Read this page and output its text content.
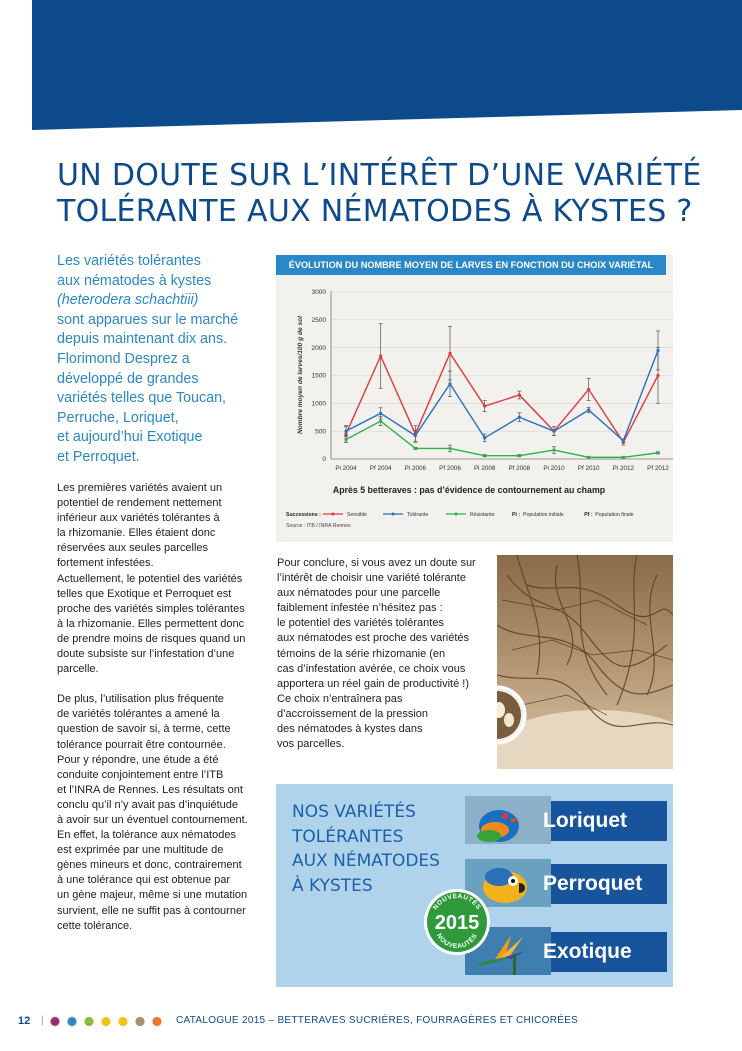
UN DOUTE SUR L’INTÉRÊT D’UNE VARIÉTÉ
TOLÉRANTE AUX NÉMATODES À KYSTES ?
Les variétés tolérantes
aux nématodes à kystes
(heterodera schachtiii)
sont apparues sur le marché
depuis maintenant dix ans.
Florimond Desprez a
développé de grandes
variétés telles que Toucan,
Perruche, Loriquet,
et aujourd’hui Exotique
et Perroquet.
Les premières variétés avaient un
potentiel de rendement nettement
inférieur aux variétés tolérantes à
la rhizomanie. Elles étaient donc
réservées aux seules parcelles
fortement infestées.
Actuellement, le potentiel des variétés
telles que Exotique et Perroquet est
proche des variétés simples tolérantes
à la rhizomanie. Elles permettent donc
de prendre moins de risques quand un
doute subsiste sur l’infestation d’une
parcelle.
De plus, l’utilisation plus fréquente
de variétés tolérantes a amené la
question de savoir si, à terme, cette
tolérance pourrait être contournée.
Pour y répondre, une étude a été
conduite conjointement entre l’ITB
et l’INRA de Rennes. Les résultats ont
conclu qu’il n’y avait pas d’inquiétude
à avoir sur un éventuel contournement.
En effet, la tolérance aux nématodes
est exprimée par une multitude de
gènes mineurs et donc, contrairement
à une tolérance qui est obtenue par
un gène majeur, même si une mutation
survient, elle ne suffit pas à contourner
cette tolérance.
ÉVOLUTION DU NOMBRE MOYEN DE LARVES EN FONCTION DU CHOIX VARIÉTAL
Nombre moyen de larves/100 g de sol
0
500
1000
1500
2000
2500
3000
Pi 2004 Pf 2004 Pi 2006 Pf 2006 Pi 2008 Pf 2008 Pi 2010 Pf 2010 Pi 2012 Pf 2012
Après 5 betteraves : pas d’évidence de contournement au champ
Successions :	Sensible	Tolérante	Résistante	Pi : Population initiale	Pf : Population finale
Source : ITB / INRA Rennes
Pour conclure, si vous avez un doute sur
l’intérêt de choisir une variété tolérante
aux nématodes pour une parcelle
faiblement infestée n’hésitez pas :
le potentiel des variétés tolérantes
aux nématodes est proche des variétés
témoins de la série rhizomanie (en
cas d’infestation avérée, ce choix vous
apportera un réel gain de productivité !)
Ce choix n’entraînera pas
d’accroissement de la pression
des nématodes à kystes dans
vos parcelles.
NOS VARIÉTÉS
TOLÉRANTES
AUX NÉMATODES
À KYSTES
Loriquet
Perroquet
Exotique
NOUVEAUTÉS
2015
NOUVEAUTÉS
12 |	CATALOGUE 2015 – BETTERAVES SUCRIÈRES, FOURRAGÈRES ET CHICORÉES
